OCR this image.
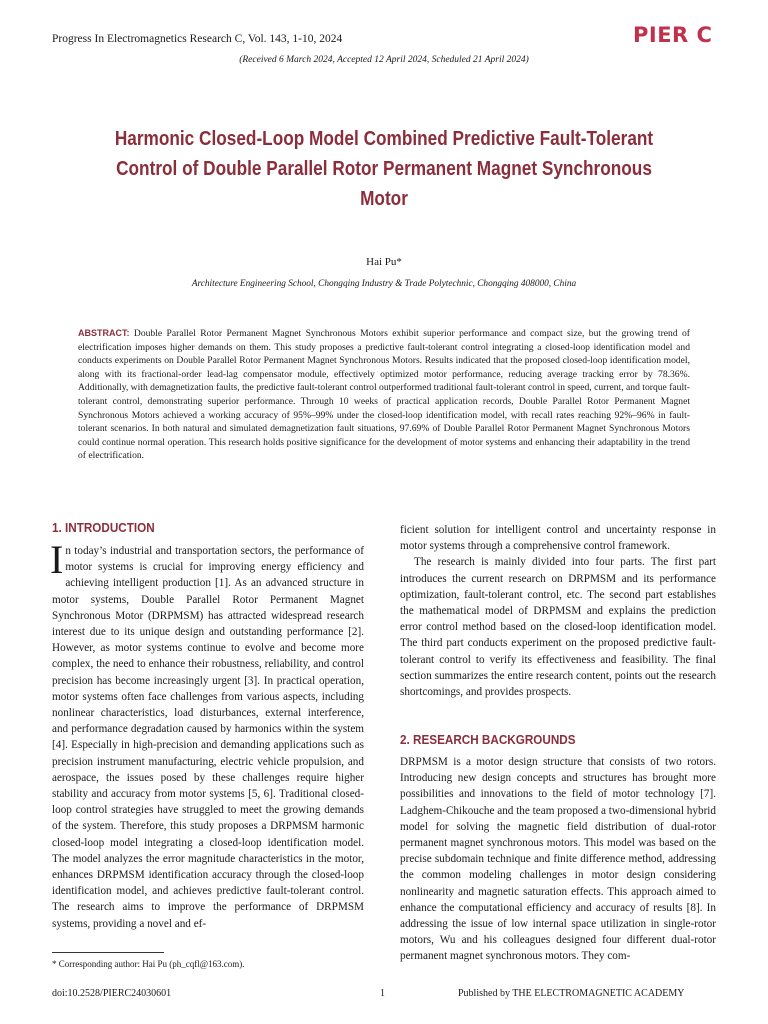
Progress In Electromagnetics Research C, Vol. 143, 1-10, 2024	PIER C
(Received 6 March 2024, Accepted 12 April 2024, Scheduled 21 April 2024)
Harmonic Closed-Loop Model Combined Predictive Fault-Tolerant Control of Double Parallel Rotor Permanent Magnet Synchronous Motor
Hai Pu*
Architecture Engineering School, Chongqing Industry & Trade Polytechnic, Chongqing 408000, China
ABSTRACT: Double Parallel Rotor Permanent Magnet Synchronous Motors exhibit superior performance and compact size, but the growing trend of electrification imposes higher demands on them. This study proposes a predictive fault-tolerant control integrating a closed-loop identification model and conducts experiments on Double Parallel Rotor Permanent Magnet Synchronous Motors. Results indicated that the proposed closed-loop identification model, along with its fractional-order lead-lag compensator module, effectively optimized motor performance, reducing average tracking error by 78.36%. Additionally, with demagnetization faults, the predictive fault-tolerant control outperformed traditional fault-tolerant control in speed, current, and torque fault-tolerant control, demonstrating superior performance. Through 10 weeks of practical application records, Double Parallel Rotor Permanent Magnet Synchronous Motors achieved a working accuracy of 95%–99% under the closed-loop identification model, with recall rates reaching 92%–96% in fault-tolerant scenarios. In both natural and simulated demagnetization fault situations, 97.69% of Double Parallel Rotor Permanent Magnet Synchronous Motors could continue normal operation. This research holds positive significance for the development of motor systems and enhancing their adaptability in the trend of electrification.
1. INTRODUCTION

In today’s industrial and transportation sectors, the performance of motor systems is crucial for improving energy efficiency and achieving intelligent production [1]. As an advanced structure in motor systems, Double Parallel Rotor Permanent Magnet Synchronous Motor (DRPMSM) has attracted widespread research interest due to its unique design and outstanding performance [2]. However, as motor systems continue to evolve and become more complex, the need to enhance their robustness, reliability, and control precision has become increasingly urgent [3]. In practical operation, motor systems often face challenges from various aspects, including nonlinear characteristics, load disturbances, external interference, and performance degradation caused by harmonics within the system [4]. Especially in high-precision and demanding applications such as precision instrument manufacturing, electric vehicle propulsion, and aerospace, the issues posed by these challenges require higher stability and accuracy from motor systems [5, 6]. Traditional closed-loop control strategies have struggled to meet the growing demands of the system. Therefore, this study proposes a DRPMSM harmonic closed-loop model integrating a closed-loop identification model. The model analyzes the error magnitude characteristics in the motor, enhances DRPMSM identification accuracy through the closed-loop identification model, and achieves predictive fault-tolerant control. The research aims to improve the performance of DRPMSM systems, providing a novel and ef-

ficient solution for intelligent control and uncertainty response in motor systems through a comprehensive control framework.

The research is mainly divided into four parts. The first part introduces the current research on DRPMSM and its performance optimization, fault-tolerant control, etc. The second part establishes the mathematical model of DRPMSM and explains the prediction error control method based on the closed-loop identification model. The third part conducts experiment on the proposed predictive fault-tolerant control to verify its effectiveness and feasibility. The final section summarizes the entire research content, points out the research shortcomings, and provides prospects.

2. RESEARCH BACKGROUNDS

DRPMSM is a motor design structure that consists of two rotors. Introducing new design concepts and structures has brought more possibilities and innovations to the field of motor technology [7]. Ladghem-Chikouche and the team proposed a two-dimensional hybrid model for solving the magnetic field distribution of dual-rotor permanent magnet synchronous motors. This model was based on the precise subdomain technique and finite difference method, addressing the common modeling challenges in motor design considering nonlinearity and magnetic saturation effects. This approach aimed to enhance the computational efficiency and accuracy of results [8]. In addressing the issue of low internal space utilization in single-rotor motors, Wu and his colleagues designed four different dual-rotor permanent magnet synchronous motors. They com-

* Corresponding author: Hai Pu (ph_cqfl@163.com).
doi:10.2528/PIERC24030601	1	Published by THE ELECTROMAGNETIC ACADEMY
